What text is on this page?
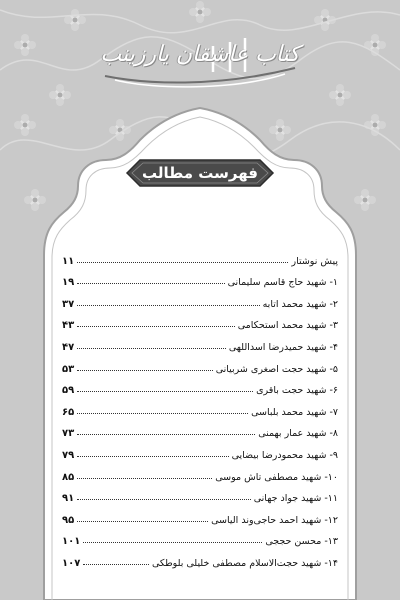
کتاب عاشقان یارزینب
فهرست مطالب
پیش نوشتار
۱۱
۱- شهید حاج قاسم سلیمانی
۱۹
۲- شهید محمد اتابه
۳۷
۳- شهید محمد استحکامی
۴۳
۴- شهید حمیدرضا اسداللهی
۴۷
۵- شهید حجت اصغری شربیانی
۵۳
۶- شهید حجت باقری
۵۹
۷- شهید محمد بلباسی
۶۵
۸- شهید عمار بهمنی
۷۳
۹- شهید محمودرضا بیضایی
۷۹
۱۰- شهید مصطفی تاش موسی
۸۵
۱۱- شهید جواد جهانی
۹۱
۱۲- شهید احمد حاجی‌وند الیاسی
۹۵
۱۳- محسن حججی
۱۰۱
۱۴- شهید حجت‌الاسلام مصطفی خلیلی بلوطکی
۱۰۷
